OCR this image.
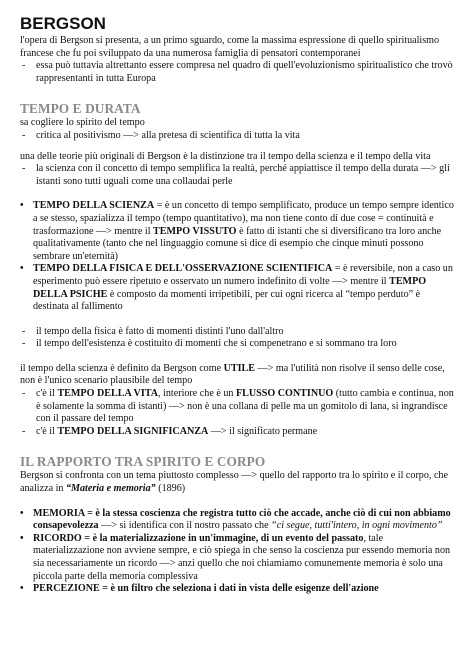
BERGSON

l'opera di Bergson si presenta, a un primo sguardo, come la massima espressione di quello spiritualismo francese che fu poi sviluppato da una numerosa famiglia di pensatori contemporanei

- essa può tuttavia altrettanto essere compresa nel quadro di quell'evoluzionismo spiritualistico che trovò rappresentanti in tutta Europa

TEMPO E DURATA

sa cogliere lo spirito del tempo

- critica al positivismo —> alla pretesa di scientifica di tutta la vita

una delle teorie più originali di Bergson è la distinzione tra il tempo della scienza e il tempo della vita

- la scienza con il concetto di tempo semplifica la realtà, perché appiattisce il tempo della durata —> gli istanti sono tutti uguali come una collaudai perle

• TEMPO DELLA SCIENZA = è un concetto di tempo semplificato, produce un tempo sempre identico a se stesso, spazializza il tempo (tempo quantitativo), ma non tiene conto di due cose = continuità e trasformazione —> mentre il TEMPO VISSUTO è fatto di istanti che si diversificano tra loro anche qualitativamente (tanto che nel linguaggio comune si dice di esempio che cinque minuti possono sembrare un'eternità)

• TEMPO DELLA FISICA E DELL'OSSERVAZIONE SCIENTIFICA = è reversibile, non a caso un esperimento può essere ripetuto e osservato un numero indefinito di volte —> mentre il TEMPO DELLA PSICHE è composto da momenti irripetibili, per cui ogni ricerca al “tempo perduto” è destinata al fallimento

- il tempo della fisica è fatto di momenti distinti l'uno dall'altro

- il tempo dell'esistenza è costituito di momenti che si compenetrano e si sommano tra loro

il tempo della scienza è definito da Bergson come UTILE —> ma l'utilità non risolve il senso delle cose, non è l'unico scenario plausibile del tempo

- c'è il TEMPO DELLA VITA, interiore che è un FLUSSO CONTINUO (tutto cambia e continua, non è solamente la somma di istanti) —> non è una collana di pelle ma un gomitolo di lana, si ingrandisce con il passare del tempo

- c'è il TEMPO DELLA SIGNIFICANZA —> il significato permane

IL RAPPORTO TRA SPIRITO E CORPO

Bergson si confronta con un tema piuttosto complesso —> quello del rapporto tra lo spirito e il corpo, che analizza in “Materia e memoria” (1896)

• MEMORIA = è la stessa coscienza che registra tutto ciò che accade, anche ciò di cui non abbiamo consapevolezza —> si identifica con il nostro passato che “ci segue, tutti'intero, in ogni movimento”

• RICORDO = è la materializzazione in un'immagine, di un evento del passato, tale materializzazione non avviene sempre, e ciò spiega in che senso la coscienza pur essendo memoria non sia necessariamente un ricordo —> anzi quello che noi chiamiamo comunemente memoria è solo una piccola parte della memoria complessiva

• PERCEZIONE = è un filtro che seleziona i dati in vista delle esigenze dell'azione
